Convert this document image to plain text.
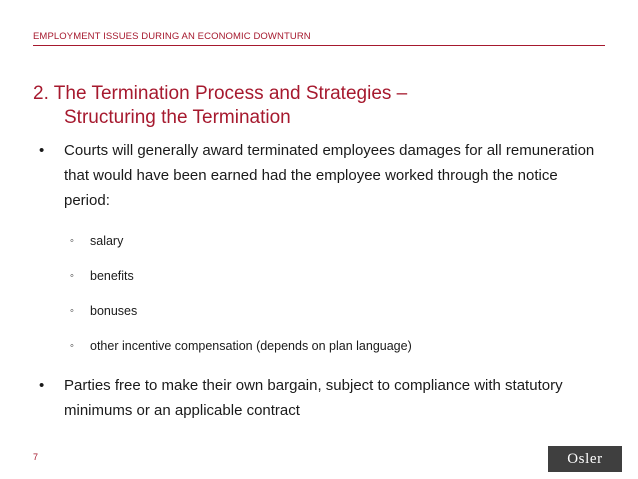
EMPLOYMENT ISSUES DURING AN ECONOMIC DOWNTURN
2. The Termination Process and Strategies –
Structuring the Termination
• Courts will generally award terminated employees damages for all remuneration that would have been earned had the employee worked through the notice period:
◦ salary
◦ benefits
◦ bonuses
◦ other incentive compensation (depends on plan language)
• Parties free to make their own bargain, subject to compliance with statutory minimums or an applicable contract
7	Osler
